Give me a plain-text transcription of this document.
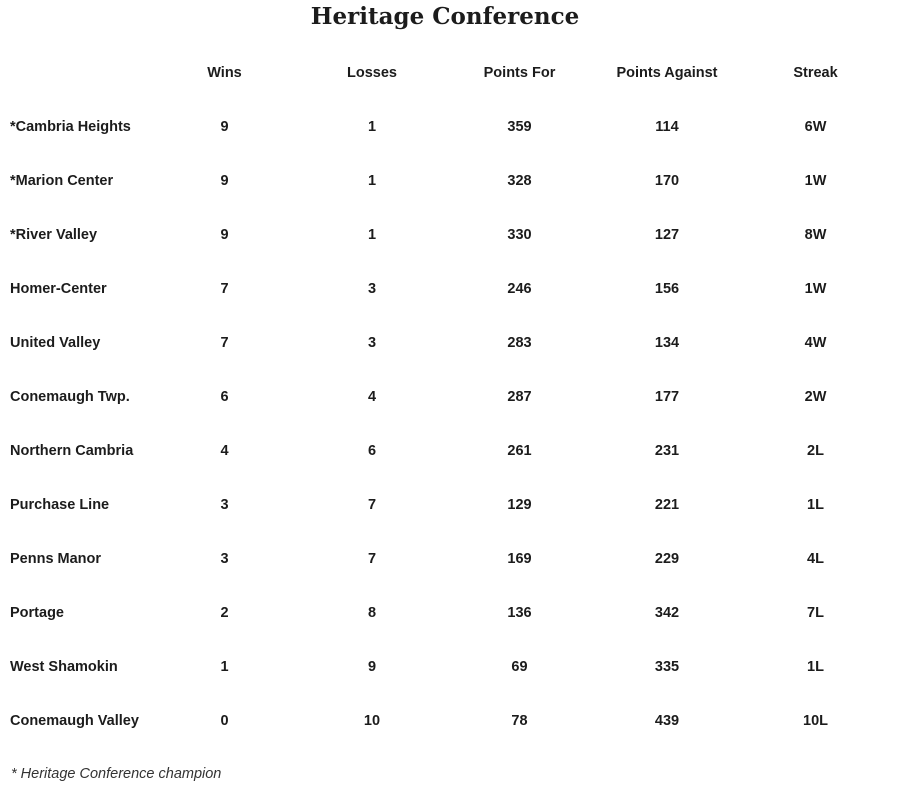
Heritage Conference
	Wins	Losses	Points For	Points Against	Streak
*Cambria Heights	9	1	359	114	6W
*Marion Center	9	1	328	170	1W
*River Valley	9	1	330	127	8W
Homer-Center	7	3	246	156	1W
United Valley	7	3	283	134	4W
Conemaugh Twp.	6	4	287	177	2W
Northern Cambria	4	6	261	231	2L
Purchase Line	3	7	129	221	1L
Penns Manor	3	7	169	229	4L
Portage	2	8	136	342	7L
West Shamokin	1	9	69	335	1L
Conemaugh Valley	0	10	78	439	10L
* Heritage Conference champion
